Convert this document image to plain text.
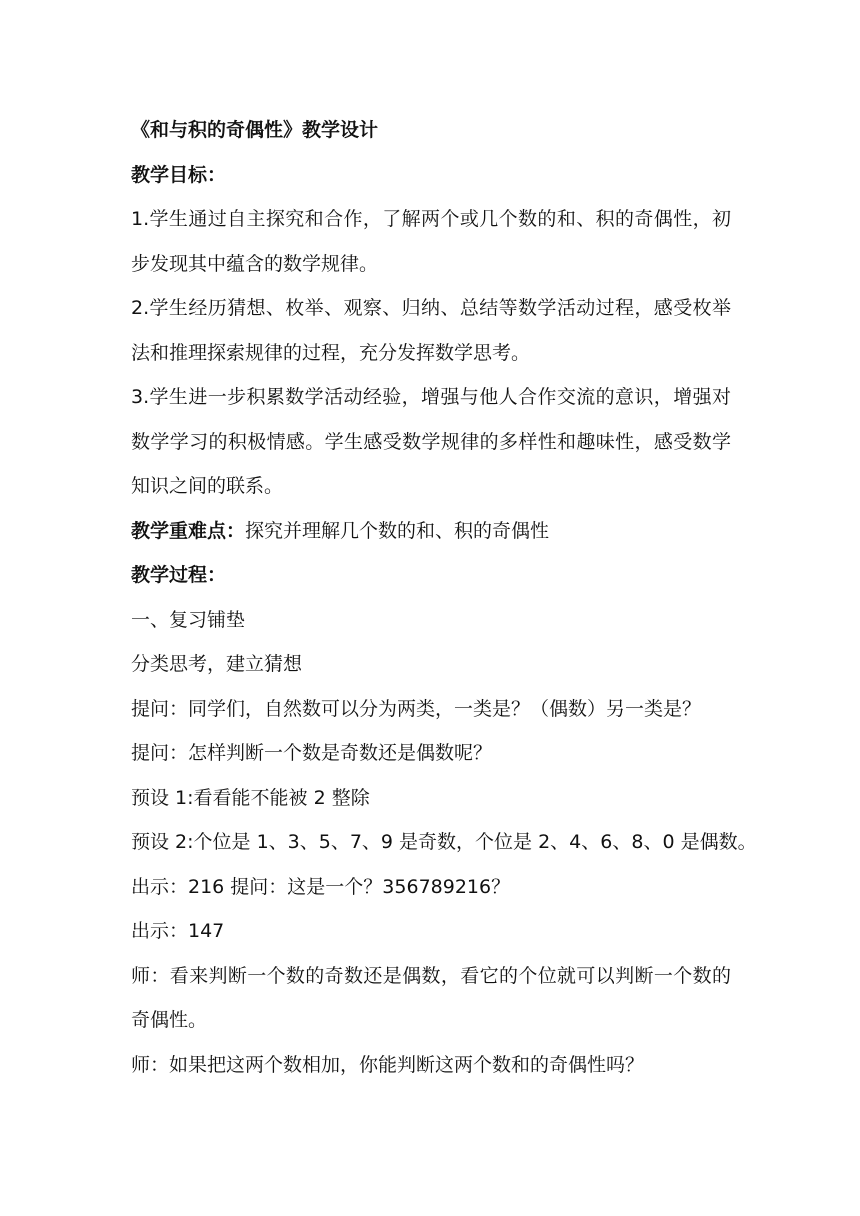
《和与积的奇偶性》教学设计

教学目标：

1.学生通过自主探究和合作，了解两个或几个数的和、积的奇偶性，初步发现其中蕴含的数学规律。

2.学生经历猜想、枚举、观察、归纳、总结等数学活动过程，感受枚举法和推理探索规律的过程，充分发挥数学思考。

3.学生进一步积累数学活动经验，增强与他人合作交流的意识，增强对数学学习的积极情感。学生感受数学规律的多样性和趣味性，感受数学知识之间的联系。

教学重难点：探究并理解几个数的和、积的奇偶性

教学过程：

一、复习铺垫

分类思考，建立猜想

提问：同学们，自然数可以分为两类，一类是？（偶数）另一类是？

提问：怎样判断一个数是奇数还是偶数呢？

预设 1:看看能不能被 2 整除

预设 2:个位是 1、3、5、7、9 是奇数，个位是 2、4、6、8、0 是偶数。

出示：216 提问：这是一个？356789216？

出示：147

师：看来判断一个数的奇数还是偶数，看它的个位就可以判断一个数的奇偶性。

师：如果把这两个数相加，你能判断这两个数和的奇偶性吗？
